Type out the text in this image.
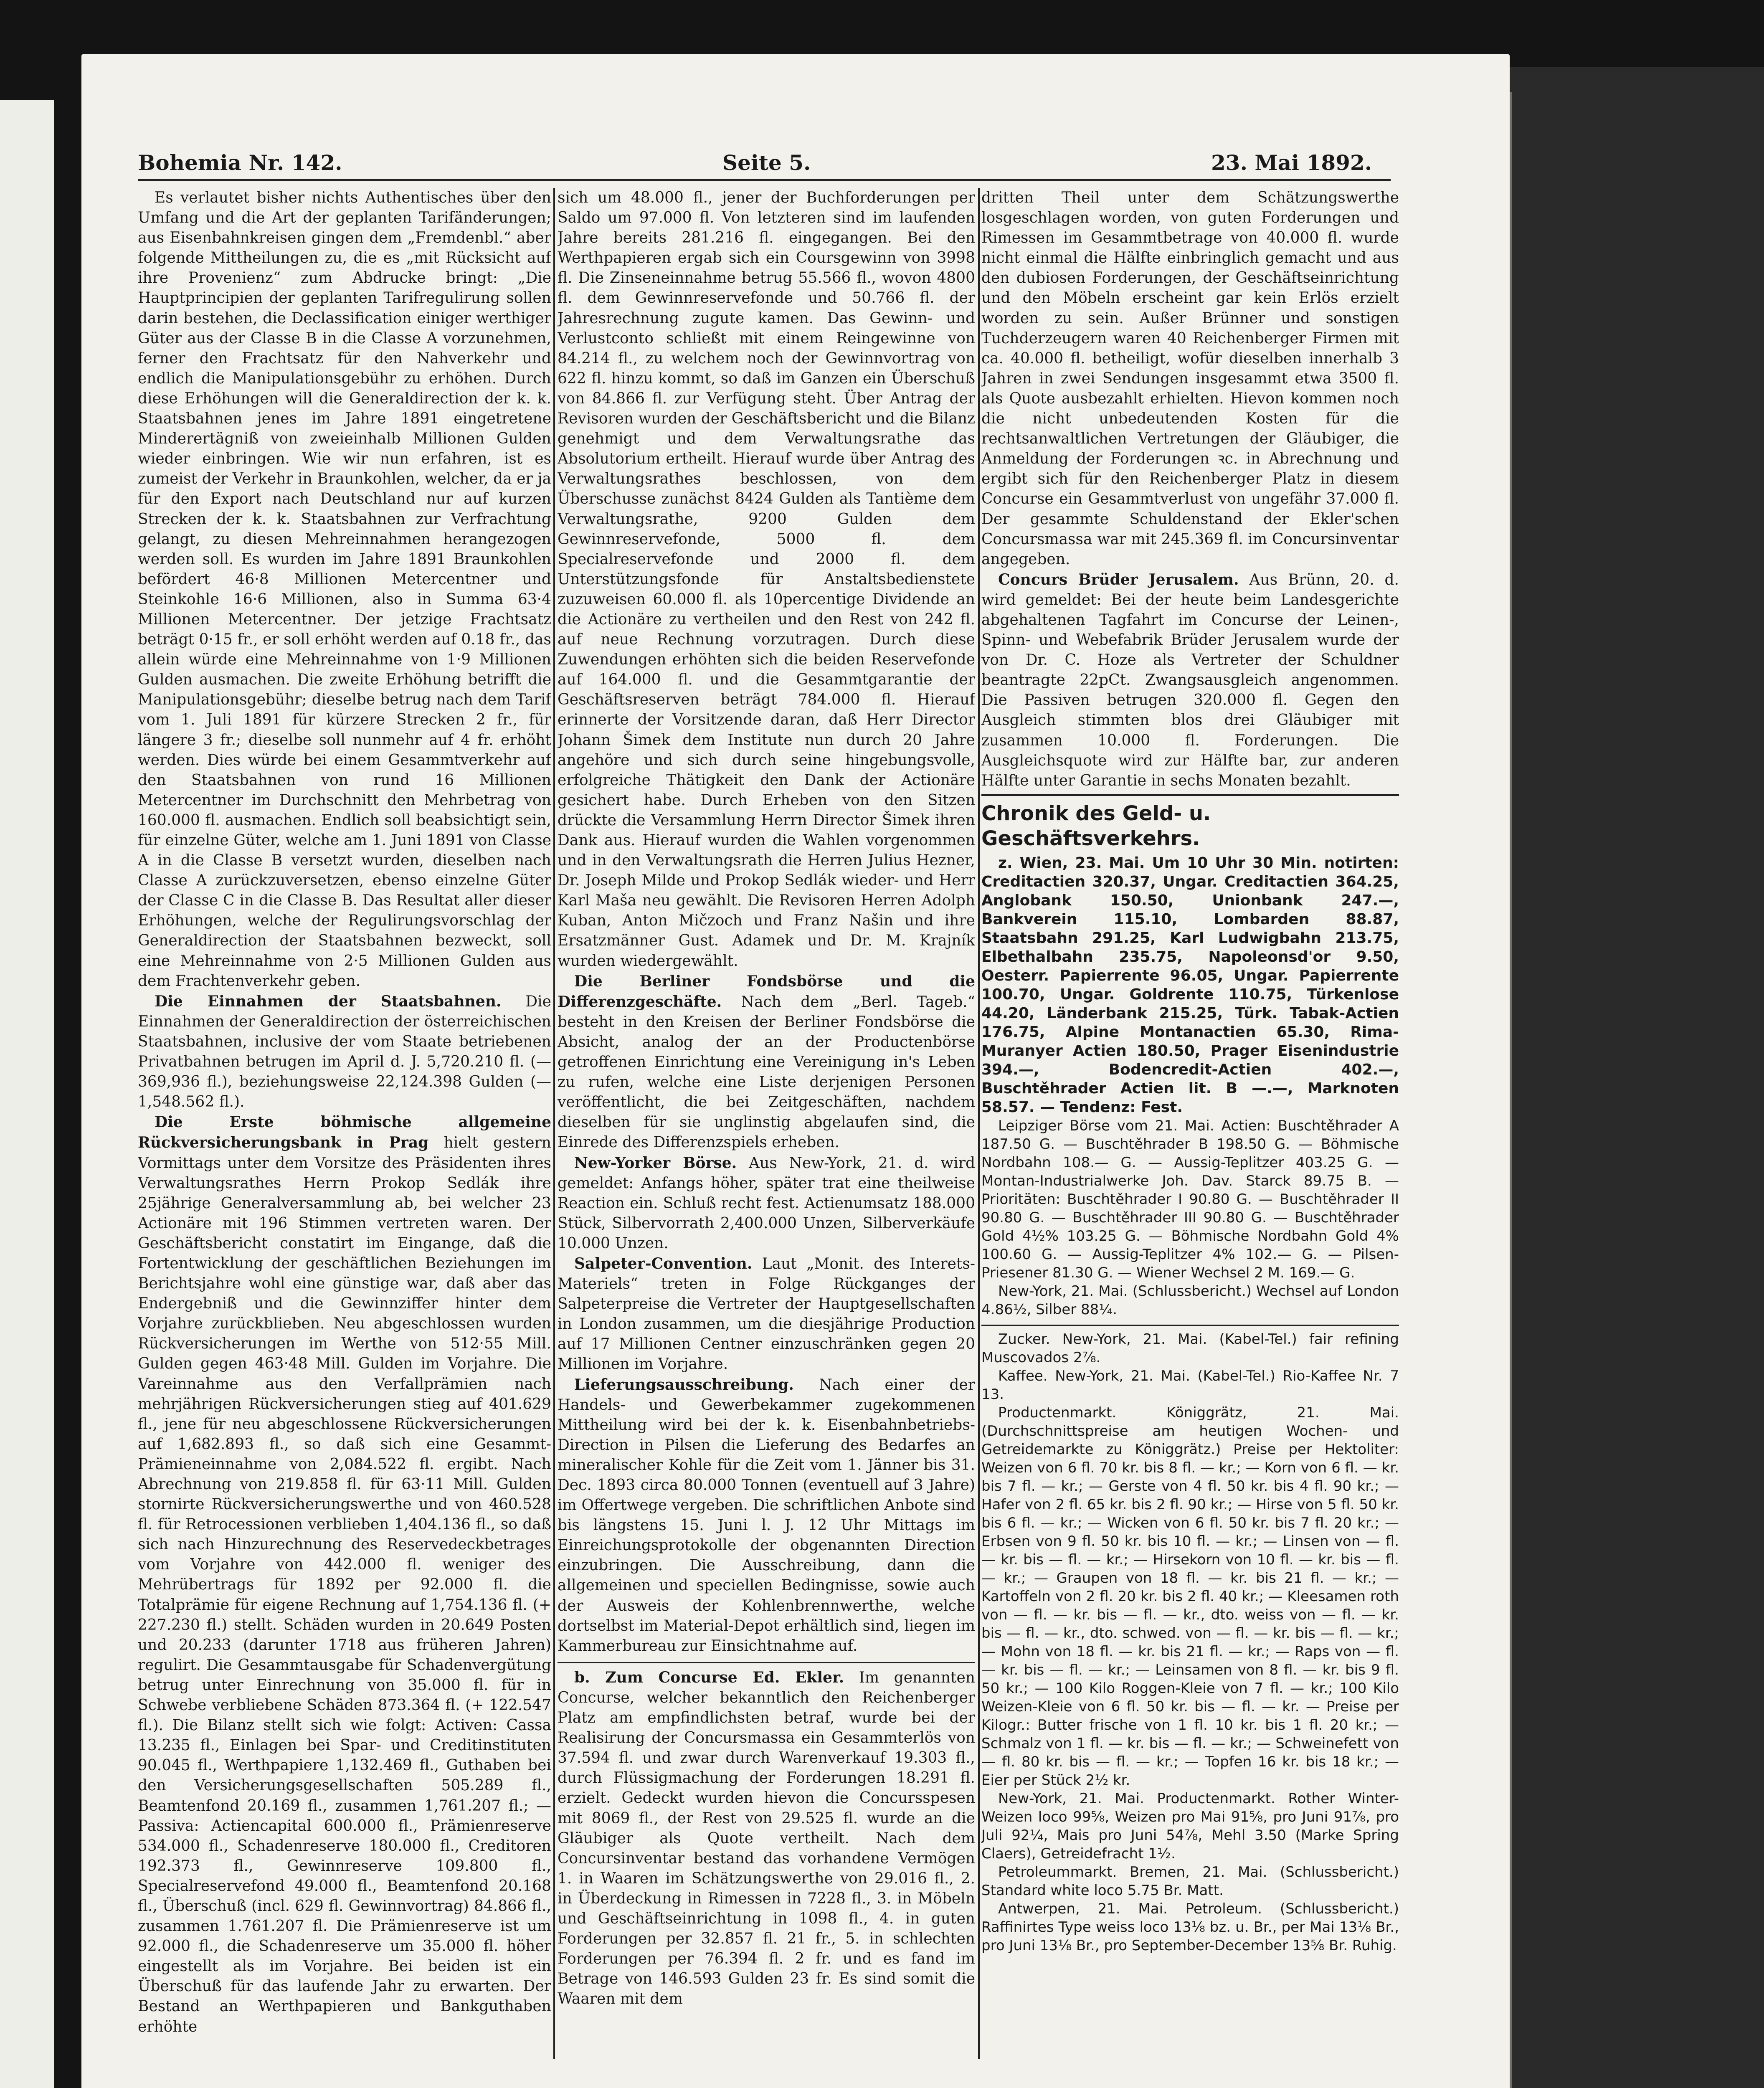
Bohemia Nr. 142.	Seite 5.	23. Mai 1892.

Es verlautet bisher nichts Authentisches über den Umfang und die Art der geplanten Tarifänderungen; aus Eisenbahnkreisen gingen dem „Fremdenbl.“ aber folgende Mittheilungen zu, die es „mit Rücksicht auf ihre Provenienz“ zum Abdrucke bringt: „Die Hauptprincipien der geplanten Tarifregulirung sollen darin bestehen, die Declassification einiger werthiger Güter aus der Classe B in die Classe A vorzunehmen, ferner den Frachtsatz für den Nahverkehr und endlich die Manipulationsgebühr zu erhöhen. Durch diese Erhöhungen will die Generaldirection der k. k. Staatsbahnen jenes im Jahre 1891 eingetretene Minderertägniß von zweieinhalb Millionen Gulden wieder einbringen. Wie wir nun erfahren, ist es zumeist der Verkehr in Braunkohlen, welcher, da er ja für den Export nach Deutschland nur auf kurzen Strecken der k. k. Staatsbahnen zur Verfrachtung gelangt, zu diesen Mehreinnahmen herangezogen werden soll. Es wurden im Jahre 1891 Braunkohlen befördert 46·8 Millionen Metercentner und Steinkohle 16·6 Millionen, also in Summa 63·4 Millionen Metercentner. Der jetzige Frachtsatz beträgt 0·15 fr., er soll erhöht werden auf 0.18 fr., das allein würde eine Mehreinnahme von 1·9 Millionen Gulden ausmachen. Die zweite Erhöhung betrifft die Manipulationsgebühr; dieselbe betrug nach dem Tarif vom 1. Juli 1891 für kürzere Strecken 2 fr., für längere 3 fr.; dieselbe soll nunmehr auf 4 fr. erhöht werden. Dies würde bei einem Gesammtverkehr auf den Staatsbahnen von rund 16 Millionen Metercentner im Durchschnitt den Mehrbetrag von 160.000 fl. ausmachen. Endlich soll beabsichtigt sein, für einzelne Güter, welche am 1. Juni 1891 von Classe A in die Classe B versetzt wurden, dieselben nach Classe A zurückzuversetzen, ebenso einzelne Güter der Classe C in die Classe B. Das Resultat aller dieser Erhöhungen, welche der Regulirungsvorschlag der Generaldirection der Staatsbahnen bezweckt, soll eine Mehreinnahme von 2·5 Millionen Gulden aus dem Frachtenverkehr geben.

Die Einnahmen der Staatsbahnen. Die Einnahmen der Generaldirection der österreichischen Staatsbahnen, inclusive der vom Staate betriebenen Privatbahnen betrugen im April d. J. 5,720.210 fl. (— 369,936 fl.), beziehungsweise 22,124.398 Gulden (— 1,548.562 fl.).

Die Erste böhmische allgemeine Rückversicherungsbank in Prag hielt gestern Vormittags unter dem Vorsitze des Präsidenten ihres Verwaltungsrathes Herrn Prokop Sedlák ihre 25jährige Generalversammlung ab, bei welcher 23 Actionäre mit 196 Stimmen vertreten waren. Der Geschäftsbericht constatirt im Eingange, daß die Fortentwicklung der geschäftlichen Beziehungen im Berichtsjahre wohl eine günstige war, daß aber das Endergebniß und die Gewinnziffer hinter dem Vorjahre zurückblieben. Neu abgeschlossen wurden Rückversicherungen im Werthe von 512·55 Mill. Gulden gegen 463·48 Mill. Gulden im Vorjahre. Die Vareinnahme aus den Verfallprämien nach mehrjährigen Rückversicherungen stieg auf 401.629 fl., jene für neu abgeschlossene Rückversicherungen auf 1,682.893 fl., so daß sich eine Gesammt-Prämieneinnahme von 2,084.522 fl. ergibt. Nach Abrechnung von 219.858 fl. für 63·11 Mill. Gulden stornirte Rückversicherungswerthe und von 460.528 fl. für Retrocessionen verblieben 1,404.136 fl., so daß sich nach Hinzurechnung des Reservedeckbetrages vom Vorjahre von 442.000 fl. weniger des Mehrübertrags für 1892 per 92.000 fl. die Totalprämie für eigene Rechnung auf 1,754.136 fl. (+ 227.230 fl.) stellt. Schäden wurden in 20.649 Posten und 20.233 (darunter 1718 aus früheren Jahren) regulirt. Die Gesammtausgabe für Schadenvergütung betrug unter Einrechnung von 35.000 fl. für in Schwebe verbliebene Schäden 873.364 fl. (+ 122.547 fl.). Die Bilanz stellt sich wie folgt: Activen: Cassa 13.235 fl., Einlagen bei Spar- und Creditinstituten 90.045 fl., Werthpapiere 1,132.469 fl., Guthaben bei den Versicherungsgesellschaften 505.289 fl., Beamtenfond 20.169 fl., zusammen 1,761.207 fl.; — Passiva: Actiencapital 600.000 fl., Prämienreserve 534.000 fl., Schadenreserve 180.000 fl., Creditoren 192.373 fl., Gewinnreserve 109.800 fl., Specialreservefond 49.000 fl., Beamtenfond 20.168 fl., Überschuß (incl. 629 fl. Gewinnvortrag) 84.866 fl., zusammen 1.761.207 fl. Die Prämienreserve ist um 92.000 fl., die Schadenreserve um 35.000 fl. höher eingestellt als im Vorjahre. Bei beiden ist ein Überschuß für das laufende Jahr zu erwarten. Der Bestand an Werthpapieren und Bankguthaben erhöhte

sich um 48.000 fl., jener der Buchforderungen per Saldo um 97.000 fl. Von letzteren sind im laufenden Jahre bereits 281.216 fl. eingegangen. Bei den Werthpapieren ergab sich ein Coursgewinn von 3998 fl. Die Zinseneinnahme betrug 55.566 fl., wovon 4800 fl. dem Gewinnreservefonde und 50.766 fl. der Jahresrechnung zugute kamen. Das Gewinn- und Verlustconto schließt mit einem Reingewinne von 84.214 fl., zu welchem noch der Gewinnvortrag von 622 fl. hinzu kommt, so daß im Ganzen ein Überschuß von 84.866 fl. zur Verfügung steht. Über Antrag der Revisoren wurden der Geschäftsbericht und die Bilanz genehmigt und dem Verwaltungsrathe das Absolutorium ertheilt. Hierauf wurde über Antrag des Verwaltungsrathes beschlossen, von dem Überschusse zunächst 8424 Gulden als Tantième dem Verwaltungsrathe, 9200 Gulden dem Gewinnreservefonde, 5000 fl. dem Specialreservefonde und 2000 fl. dem Unterstützungsfonde für Anstaltsbedienstete zuzuweisen 60.000 fl. als 10percentige Dividende an die Actionäre zu vertheilen und den Rest von 242 fl. auf neue Rechnung vorzutragen. Durch diese Zuwendungen erhöhten sich die beiden Reservefonde auf 164.000 fl. und die Gesammtgarantie der Geschäftsreserven beträgt 784.000 fl. Hierauf erinnerte der Vorsitzende daran, daß Herr Director Johann Šimek dem Institute nun durch 20 Jahre angehöre und sich durch seine hingebungsvolle, erfolgreiche Thätigkeit den Dank der Actionäre gesichert habe. Durch Erheben von den Sitzen drückte die Versammlung Herrn Director Šimek ihren Dank aus. Hierauf wurden die Wahlen vorgenommen und in den Verwaltungsrath die Herren Julius Hezner, Dr. Joseph Milde und Prokop Sedlák wieder- und Herr Karl Maša neu gewählt. Die Revisoren Herren Adolph Kuban, Anton Mičzoch und Franz Našin und ihre Ersatzmänner Gust. Adamek und Dr. M. Krajník wurden wiedergewählt.

Die Berliner Fondsbörse und die Differenzgeschäfte. Nach dem „Berl. Tageb.“ besteht in den Kreisen der Berliner Fondsbörse die Absicht, analog der an der Productenbörse getroffenen Einrichtung eine Vereinigung in's Leben zu rufen, welche eine Liste derjenigen Personen veröffentlicht, die bei Zeitgeschäften, nachdem dieselben für sie unglinstig abgelaufen sind, die Einrede des Differenzspiels erheben.

New-Yorker Börse. Aus New-York, 21. d. wird gemeldet: Anfangs höher, später trat eine theilweise Reaction ein. Schluß recht fest. Actienumsatz 188.000 Stück, Silbervorrath 2,400.000 Unzen, Silberverkäufe 10.000 Unzen.

Salpeter-Convention. Laut „Monit. des Interets-Materiels“ treten in Folge Rückganges der Salpeterpreise die Vertreter der Hauptgesellschaften in London zusammen, um die diesjährige Production auf 17 Millionen Centner einzuschränken gegen 20 Millionen im Vorjahre.

Lieferungsausschreibung. Nach einer der Handels- und Gewerbekammer zugekommenen Mittheilung wird bei der k. k. Eisenbahnbetriebs-Direction in Pilsen die Lieferung des Bedarfes an mineralischer Kohle für die Zeit vom 1. Jänner bis 31. Dec. 1893 circa 80.000 Tonnen (eventuell auf 3 Jahre) im Offertwege vergeben. Die schriftlichen Anbote sind bis längstens 15. Juni l. J. 12 Uhr Mittags im Einreichungsprotokolle der obgenannten Direction einzubringen. Die Ausschreibung, dann die allgemeinen und speciellen Bedingnisse, sowie auch der Ausweis der Kohlenbrennwerthe, welche dortselbst im Material-Depot erhältlich sind, liegen im Kammerbureau zur Einsichtnahme auf.

b. Zum Concurse Ed. Ekler. Im genannten Concurse, welcher bekanntlich den Reichenberger Platz am empfindlichsten betraf, wurde bei der Realisirung der Concursmassa ein Gesammterlös von 37.594 fl. und zwar durch Warenverkauf 19.303 fl., durch Flüssigmachung der Forderungen 18.291 fl. erzielt. Gedeckt wurden hievon die Concursspesen mit 8069 fl., der Rest von 29.525 fl. wurde an die Gläubiger als Quote vertheilt. Nach dem Concursinventar bestand das vorhandene Vermögen 1. in Waaren im Schätzungswerthe von 29.016 fl., 2. in Überdeckung in Rimessen in 7228 fl., 3. in Möbeln und Geschäftseinrichtung in 1098 fl., 4. in guten Forderungen per 32.857 fl. 21 fr., 5. in schlechten Forderungen per 76.394 fl. 2 fr. und es fand im Betrage von 146.593 Gulden 23 fr. Es sind somit die Waaren mit dem

dritten Theil unter dem Schätzungswerthe losgeschlagen worden, von guten Forderungen und Rimessen im Gesammtbetrage von 40.000 fl. wurde nicht einmal die Hälfte einbringlich gemacht und aus den dubiosen Forderungen, der Geschäftseinrichtung und den Möbeln erscheint gar kein Erlös erzielt worden zu sein. Außer Brünner und sonstigen Tuchderzeugern waren 40 Reichenberger Firmen mit ca. 40.000 fl. betheiligt, wofür dieselben innerhalb 3 Jahren in zwei Sendungen insgesammt etwa 3500 fl. als Quote ausbezahlt erhielten. Hievon kommen noch die nicht unbedeutenden Kosten für die rechtsanwaltlichen Vertretungen der Gläubiger, die Anmeldung der Forderungen ꝛc. in Abrechnung und ergibt sich für den Reichenberger Platz in diesem Concurse ein Gesammtverlust von ungefähr 37.000 fl. Der gesammte Schuldenstand der Ekler'schen Concursmassa war mit 245.369 fl. im Concursinventar angegeben.

Concurs Brüder Jerusalem. Aus Brünn, 20. d. wird gemeldet: Bei der heute beim Landesgerichte abgehaltenen Tagfahrt im Concurse der Leinen-, Spinn- und Webefabrik Brüder Jerusalem wurde der von Dr. C. Hoze als Vertreter der Schuldner beantragte 22pCt. Zwangsausgleich angenommen. Die Passiven betrugen 320.000 fl. Gegen den Ausgleich stimmten blos drei Gläubiger mit zusammen 10.000 fl. Forderungen. Die Ausgleichsquote wird zur Hälfte bar, zur anderen Hälfte unter Garantie in sechs Monaten bezahlt.

Chronik des Geld- u. Geschäftsverkehrs.

z. Wien, 23. Mai. Um 10 Uhr 30 Min. notirten: Creditactien 320.37, Ungar. Creditactien 364.25, Anglobank 150.50, Unionbank 247.—, Bankverein 115.10, Lombarden 88.87, Staatsbahn 291.25, Karl Ludwigbahn 213.75, Elbethalbahn 235.75, Napoleonsd'or 9.50, Oesterr. Papierrente 96.05, Ungar. Papierrente 100.70, Ungar. Goldrente 110.75, Türkenlose 44.20, Länderbank 215.25, Türk. Tabak-Actien 176.75, Alpine Montanactien 65.30, Rima-Muranyer Actien 180.50, Prager Eisenindustrie 394.—, Bodencredit-Actien 402.—, Buschtěhrader Actien lit. B —.—, Marknoten 58.57. — Tendenz: Fest.

Leipziger Börse vom 21. Mai. Actien: Buschtěhrader A 187.50 G. — Buschtěhrader B 198.50 G. — Böhmische Nordbahn 108.— G. — Aussig-Teplitzer 403.25 G. — Montan-Industrialwerke Joh. Dav. Starck 89.75 B. — Prioritäten: Buschtěhrader I 90.80 G. — Buschtěhrader II 90.80 G. — Buschtěhrader III 90.80 G. — Buschtěhrader Gold 4½% 103.25 G. — Böhmische Nordbahn Gold 4% 100.60 G. — Aussig-Teplitzer 4% 102.— G. — Pilsen-Priesener 81.30 G. — Wiener Wechsel 2 M. 169.— G.

New-York, 21. Mai. (Schlussbericht.) Wechsel auf London 4.86½, Silber 88¼.

Zucker. New-York, 21. Mai. (Kabel-Tel.) fair refining Muscovados 2⅞.

Kaffee. New-York, 21. Mai. (Kabel-Tel.) Rio-Kaffee Nr. 7 13.

Productenmarkt. Königgrätz, 21. Mai. (Durchschnittspreise am heutigen Wochen- und Getreidemarkte zu Königgrätz.) Preise per Hektoliter: Weizen von 6 fl. 70 kr. bis 8 fl. — kr.; — Korn von 6 fl. — kr. bis 7 fl. — kr.; — Gerste von 4 fl. 50 kr. bis 4 fl. 90 kr.; — Hafer von 2 fl. 65 kr. bis 2 fl. 90 kr.; — Hirse von 5 fl. 50 kr. bis 6 fl. — kr.; — Wicken von 6 fl. 50 kr. bis 7 fl. 20 kr.; — Erbsen von 9 fl. 50 kr. bis 10 fl. — kr.; — Linsen von — fl. — kr. bis — fl. — kr.; — Hirsekorn von 10 fl. — kr. bis — fl. — kr.; — Graupen von 18 fl. — kr. bis 21 fl. — kr.; — Kartoffeln von 2 fl. 20 kr. bis 2 fl. 40 kr.; — Kleesamen roth von — fl. — kr. bis — fl. — kr., dto. weiss von — fl. — kr. bis — fl. — kr., dto. schwed. von — fl. — kr. bis — fl. — kr.; — Mohn von 18 fl. — kr. bis 21 fl. — kr.; — Raps von — fl. — kr. bis — fl. — kr.; — Leinsamen von 8 fl. — kr. bis 9 fl. 50 kr.; — 100 Kilo Roggen-Kleie von 7 fl. — kr.; 100 Kilo Weizen-Kleie von 6 fl. 50 kr. bis — fl. — kr. — Preise per Kilogr.: Butter frische von 1 fl. 10 kr. bis 1 fl. 20 kr.; — Schmalz von 1 fl. — kr. bis — fl. — kr.; — Schweinefett von — fl. 80 kr. bis — fl. — kr.; — Topfen 16 kr. bis 18 kr.; — Eier per Stück 2½ kr.

New-York, 21. Mai. Productenmarkt. Rother Winter-Weizen loco 99⅝, Weizen pro Mai 91⅝, pro Juni 91⅞, pro Juli 92¼, Mais pro Juni 54⅞, Mehl 3.50 (Marke Spring Claers), Getreidefracht 1½.

Petroleummarkt. Bremen, 21. Mai. (Schlussbericht.) Standard white loco 5.75 Br. Matt.

Antwerpen, 21. Mai. Petroleum. (Schlussbericht.) Raffinirtes Type weiss loco 13⅛ bz. u. Br., per Mai 13⅛ Br., pro Juni 13⅛ Br., pro September-December 13⅝ Br. Ruhig.
